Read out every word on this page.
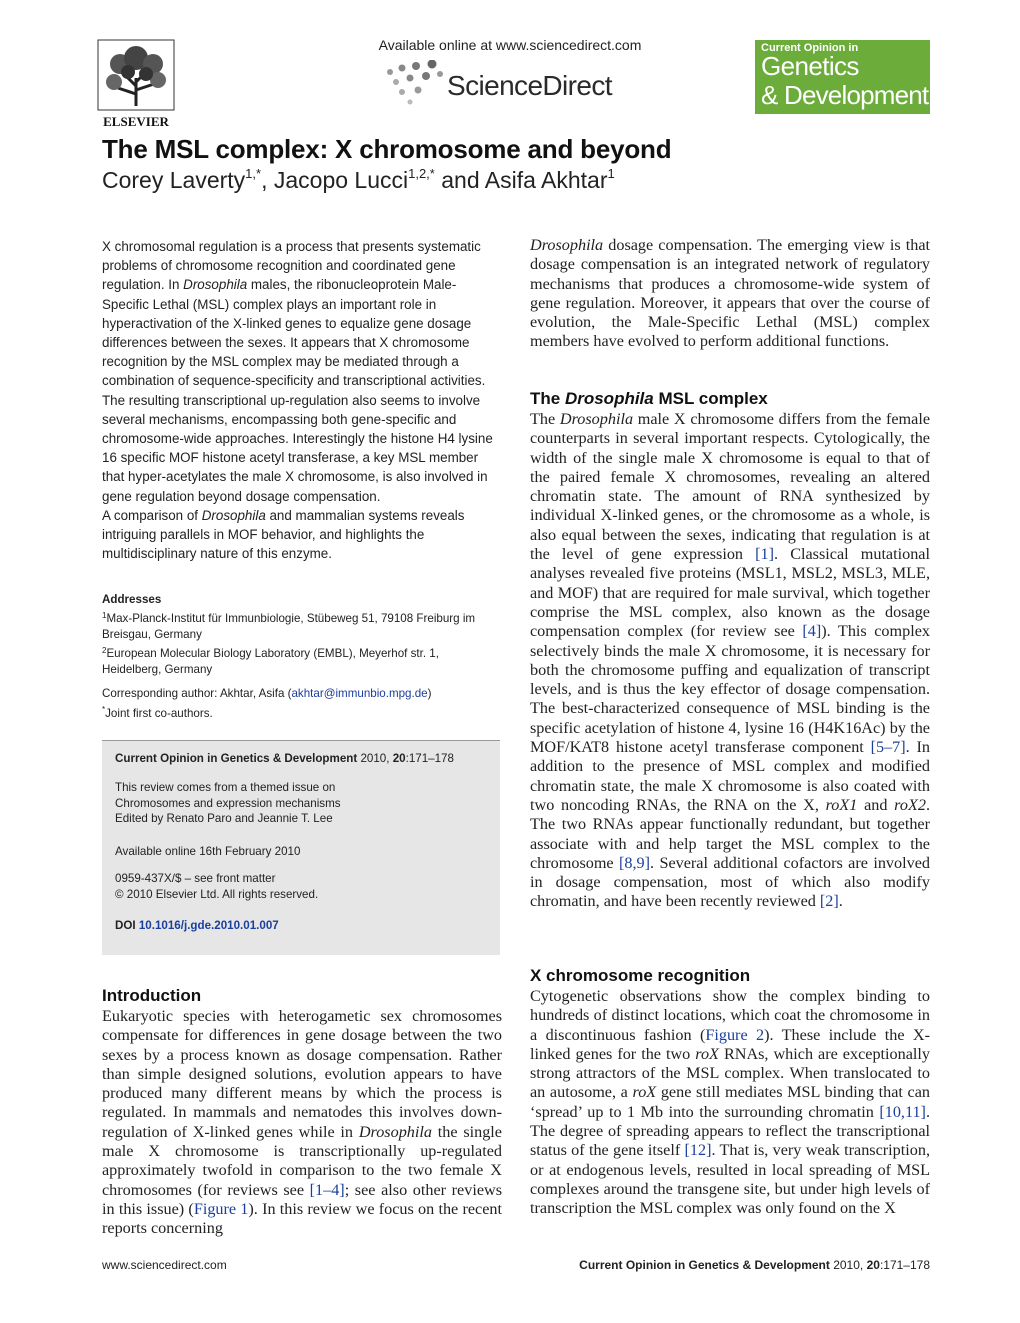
ELSEVIER
Available online at www.sciencedirect.com
ScienceDirect
Current Opinion in
Genetics
& Development
The MSL complex: X chromosome and beyond
Corey Laverty$^{1,*}$, Jacopo Lucci$^{1,2,*}$ and Asifa Akhtar$^1$
X chromosomal regulation is a process that presents systematic problems of chromosome recognition and coordinated gene regulation. In Drosophila males, the ribonucleoprotein Male-Specific Lethal (MSL) complex plays an important role in hyperactivation of the X-linked genes to equalize gene dosage differences between the sexes. It appears that X chromosome recognition by the MSL complex may be mediated through a combination of sequence-specificity and transcriptional activities. The resulting transcriptional up-regulation also seems to involve several mechanisms, encompassing both gene-specific and chromosome-wide approaches. Interestingly the histone H4 lysine 16 specific MOF histone acetyl transferase, a key MSL member that hyper-acetylates the male X chromosome, is also involved in gene regulation beyond dosage compensation.
A comparison of Drosophila and mammalian systems reveals intriguing parallels in MOF behavior, and highlights the multidisciplinary nature of this enzyme.
Addresses
$^1$Max-Planck-Institut für Immunbiologie, Stübeweg 51, 79108 Freiburg im Breisgau, Germany
$^2$European Molecular Biology Laboratory (EMBL), Meyerhof str. 1, Heidelberg, Germany
Corresponding author: Akhtar, Asifa (akhtar@immunbio.mpg.de)
*Joint first co-authors.
Current Opinion in Genetics & Development 2010, 20:171–178
This review comes from a themed issue on
Chromosomes and expression mechanisms
Edited by Renato Paro and Jeannie T. Lee
Available online 16th February 2010
0959-437X/$ – see front matter
© 2010 Elsevier Ltd. All rights reserved.
DOI 10.1016/j.gde.2010.01.007
Introduction
Eukaryotic species with heterogametic sex chromosomes compensate for differences in gene dosage between the two sexes by a process known as dosage compensation. Rather than simple designed solutions, evolution appears to have produced many different means by which the process is regulated. In mammals and nematodes this involves down-regulation of X-linked genes while in Drosophila the single male X chromosome is transcriptionally up-regulated approximately twofold in comparison to the two female X chromosomes (for reviews see [1–4]; see also other reviews in this issue) (Figure 1). In this review we focus on the recent reports concerning
Drosophila dosage compensation. The emerging view is that dosage compensation is an integrated network of regulatory mechanisms that produces a chromosome-wide system of gene regulation. Moreover, it appears that over the course of evolution, the Male-Specific Lethal (MSL) complex members have evolved to perform additional functions.
The Drosophila MSL complex
The Drosophila male X chromosome differs from the female counterparts in several important respects. Cytologically, the width of the single male X chromosome is equal to that of the paired female X chromosomes, revealing an altered chromatin state. The amount of RNA synthesized by individual X-linked genes, or the chromosome as a whole, is also equal between the sexes, indicating that regulation is at the level of gene expression [1]. Classical mutational analyses revealed five proteins (MSL1, MSL2, MSL3, MLE, and MOF) that are required for male survival, which together comprise the MSL complex, also known as the dosage compensation complex (for review see [4]). This complex selectively binds the male X chromosome, it is necessary for both the chromosome puffing and equalization of transcript levels, and is thus the key effector of dosage compensation. The best-characterized consequence of MSL binding is the specific acetylation of histone 4, lysine 16 (H4K16Ac) by the MOF/KAT8 histone acetyl transferase component [5–7]. In addition to the presence of MSL complex and modified chromatin state, the male X chromosome is also coated with two noncoding RNAs, the RNA on the X, roX1 and roX2. The two RNAs appear functionally redundant, but together associate with and help target the MSL complex to the chromosome [8,9]. Several additional cofactors are involved in dosage compensation, most of which also modify chromatin, and have been recently reviewed [2].
X chromosome recognition
Cytogenetic observations show the complex binding to hundreds of distinct locations, which coat the chromosome in a discontinuous fashion (Figure 2). These include the X-linked genes for the two roX RNAs, which are exceptionally strong attractors of the MSL complex. When translocated to an autosome, a roX gene still mediates MSL binding that can ‘spread’ up to 1 Mb into the surrounding chromatin [10,11]. The degree of spreading appears to reflect the transcriptional status of the gene itself [12]. That is, very weak transcription, or at endogenous levels, resulted in local spreading of MSL complexes around the transgene site, but under high levels of transcription the MSL complex was only found on the X
www.sciencedirect.com	Current Opinion in Genetics & Development 2010, 20:171–178
